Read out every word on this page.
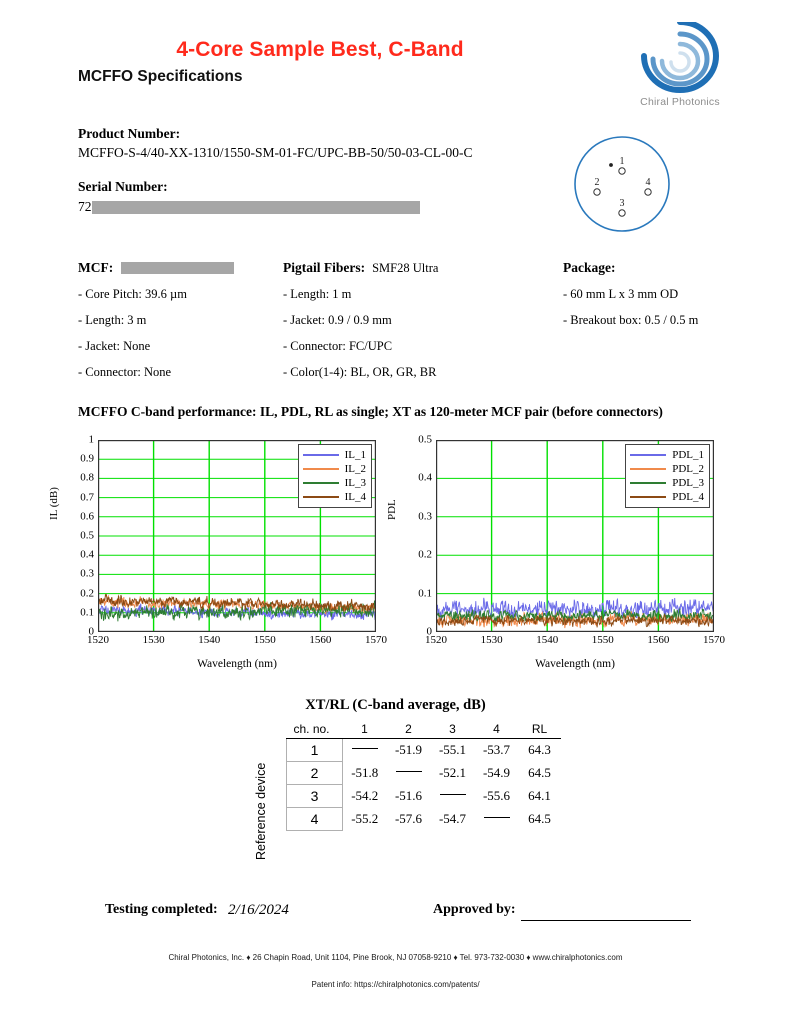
4-Core Sample Best, C-Band
MCFFO Specifications
Chiral Photonics
Product Number:
MCFFO-S-4/40-XX-1310/1550-SM-01-FC/UPC-BB-50/50-03-CL-00-C
Serial Number:
72
1
2
3
4
MCF:
- Core Pitch: 39.6 µm
- Length: 3 m
- Jacket: None
- Connector: None
Pigtail Fibers: SMF28 Ultra
- Length: 1 m
- Jacket: 0.9 / 0.9 mm
- Connector: FC/UPC
- Color(1-4): BL, OR, GR, BR
Package:
- 60 mm L x 3 mm OD
- Breakout box: 0.5 / 0.5 m
MCFFO C-band performance: IL, PDL, RL as single; XT as 120-meter MCF pair (before connectors)
IL (dB)
0
0.1
0.2
0.3
0.4
0.5
0.6
0.7
0.8
0.9
1
IL_1
IL_2
IL_3
IL_4
1520	1530	1540	1550	1560	1570
Wavelength (nm)
PDL
0
0.1
0.2
0.3
0.4
0.5
PDL_1
PDL_2
PDL_3
PDL_4
1520	1530	1540	1550	1560	1570
Wavelength (nm)
XT/RL (C-band average, dB)
Reference device
ch. no.	1	2	3	4	RL
1		-51.9	-55.1	-53.7	64.3
2	-51.8		-52.1	-54.9	64.5
3	-54.2	-51.6		-55.6	64.1
4	-55.2	-57.6	-54.7		64.5
Testing completed: 2/16/2024	Approved by:
Chiral Photonics, Inc. ♦ 26 Chapin Road, Unit 1104, Pine Brook, NJ 07058-9210 ♦ Tel. 973-732-0030 ♦ www.chiralphotonics.com
Patent info: https://chiralphotonics.com/patents/
